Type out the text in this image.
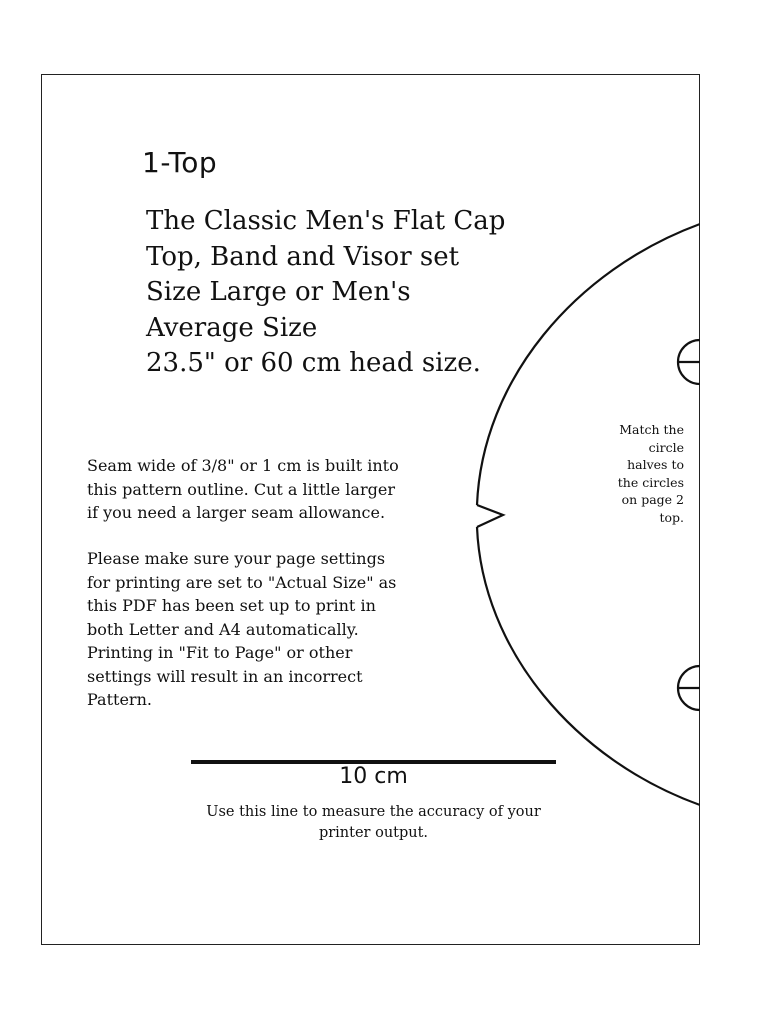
1-Top
The Classic Men's Flat Cap
Top, Band and Visor set
Size Large or Men's
Average Size
23.5" or 60 cm head size.

Seam wide of 3/8" or 1 cm is built into
this pattern outline. Cut a little larger
if you need a larger seam allowance.

Please make sure your page settings
for printing are set to "Actual Size" as
this PDF has been set up to print in
both Letter and A4 automatically.
Printing in "Fit to Page" or other
settings will result in an incorrect
Pattern.

Match the
circle
halves to
the circles
on page 2
top.

10 cm

Use this line to measure the accuracy of your
printer output.
